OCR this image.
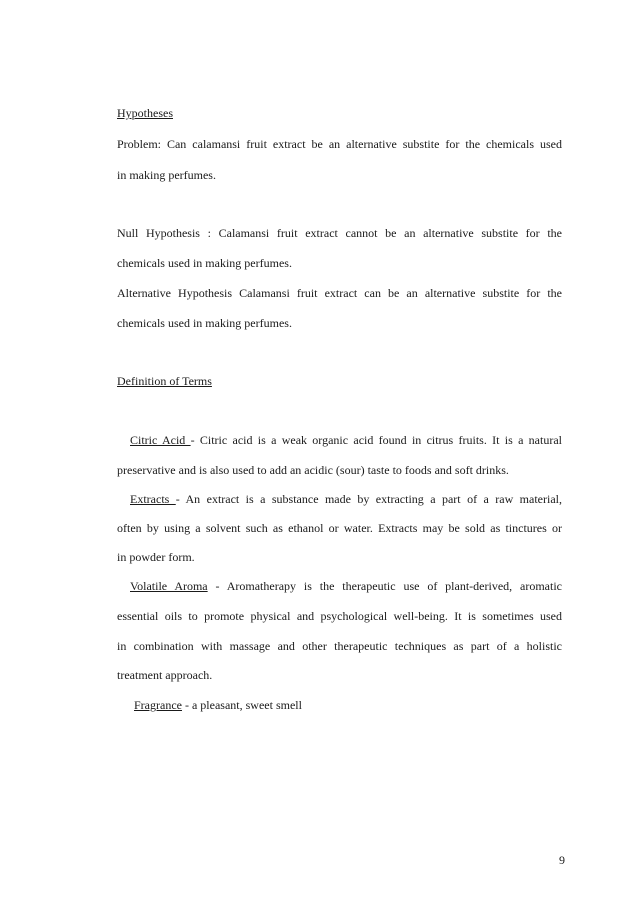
Hypotheses
Problem: Can calamansi fruit extract be an alternative substite for the chemicals used
in making perfumes.
Null Hypothesis : Calamansi fruit extract cannot be an alternative substite for the
chemicals used in making perfumes.
Alternative Hypothesis Calamansi fruit extract can be an alternative substite for the
chemicals used in making perfumes.
Definition of Terms
Citric Acid - Citric acid is a weak organic acid found in citrus fruits. It is a natural
preservative and is also used to add an acidic (sour) taste to foods and soft drinks.
Extracts - An extract is a substance made by extracting a part of a raw material,
often by using a solvent such as ethanol or water. Extracts may be sold as tinctures or
in powder form.
Volatile Aroma - Aromatherapy is the therapeutic use of plant-derived, aromatic
essential oils to promote physical and psychological well-being. It is sometimes used
in combination with massage and other therapeutic techniques as part of a holistic
treatment approach.
Fragrance - a pleasant, sweet smell
9
